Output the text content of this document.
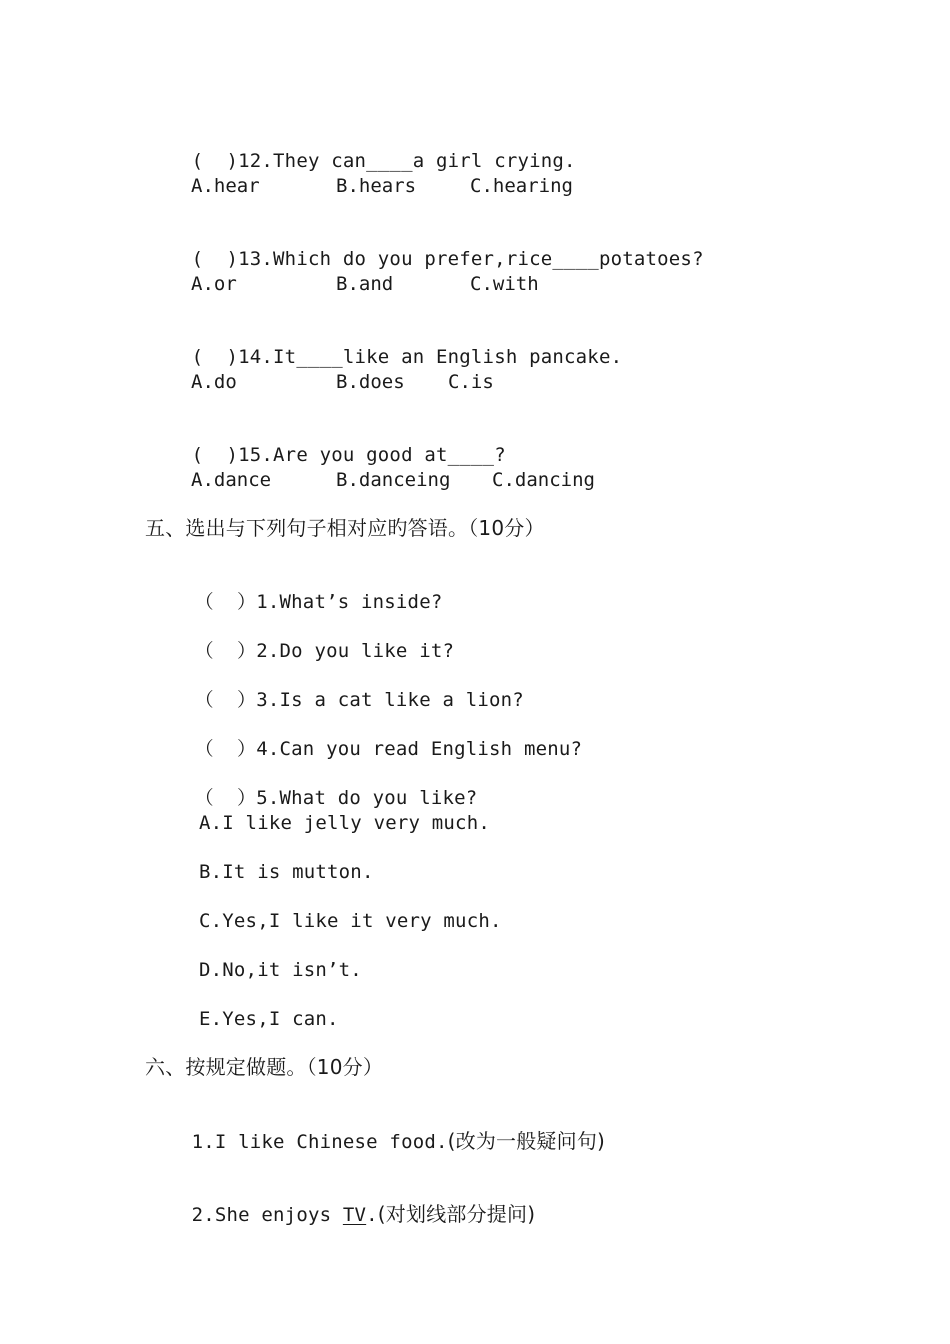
(  )12.They can____a girl crying.

A.hear	B.hears	C.hearing

(  )13.Which do you prefer,rice____potatoes?

A.or	B.and	C.with

(  )14.It____like an English pancake.

A.do	B.does C.is

(  )15.Are you good at____?

A.dance	B.danceing C.dancing
五、选出与下列句子相对应旳答语。（10分）

（  ）1.What’s inside?

（  ）2.Do you like it?

（  ）3.Is a cat like a lion?

（  ）4.Can you read English menu?

（  ）5.What do you like?

A.I like jelly very much.
B.It is mutton.
C.Yes,I like it very much.
D.No,it isn’t.
E.Yes,I can.
六、按规定做题。（10分）

1.I like Chinese food.(改为一般疑问句)

2.She enjoys TV.(对划线部分提问)
